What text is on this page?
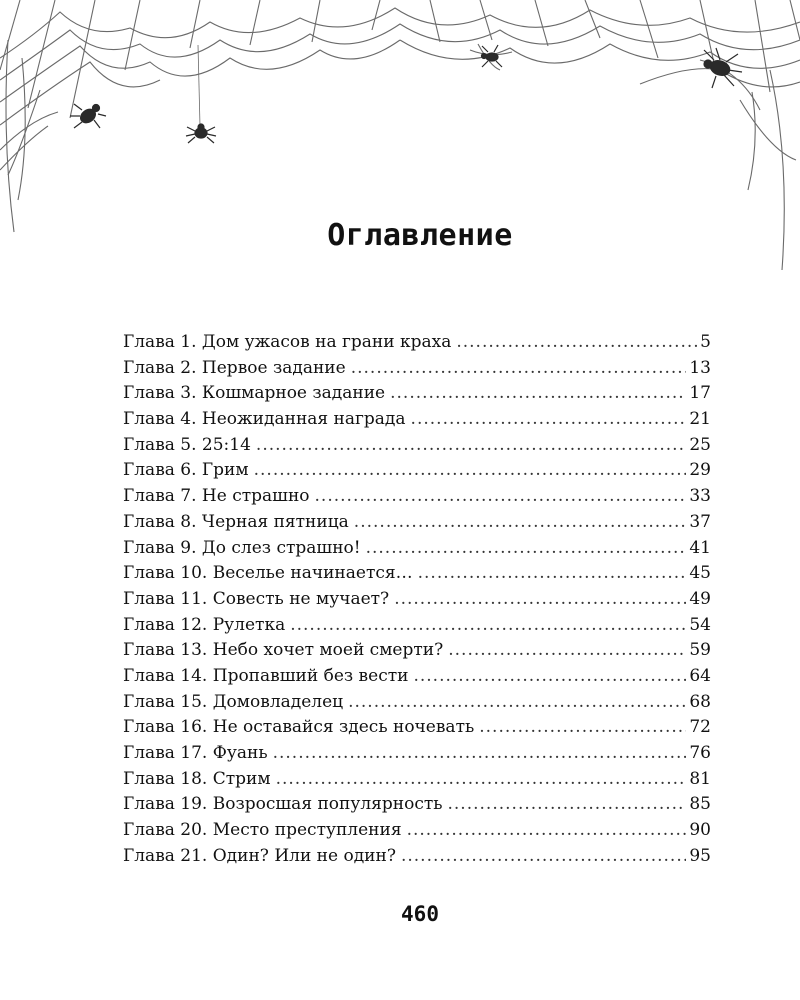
Оглавление
Глава 1. Дом ужасов на грани краха .....	5
Глава 2. Первое задание .....	13
Глава 3. Кошмарное задание .....	17
Глава 4. Неожиданная награда .....	21
Глава 5. 25:14 .....	25
Глава 6. Грим .....	29
Глава 7. Не страшно .....	33
Глава 8. Черная пятница .....	37
Глава 9. До слез страшно! .....	41
Глава 10. Веселье начинается… .....	45
Глава 11. Совесть не мучает? .....	49
Глава 12. Рулетка .....	54
Глава 13. Небо хочет моей смерти? .....	59
Глава 14. Пропавший без вести .....	64
Глава 15. Домовладелец .....	68
Глава 16. Не оставайся здесь ночевать .....	72
Глава 17. Фуань .....	76
Глава 18. Стрим .....	81
Глава 19. Возросшая популярность .....	85
Глава 20. Место преступления .....	90
Глава 21. Один? Или не один? .....	95
460
